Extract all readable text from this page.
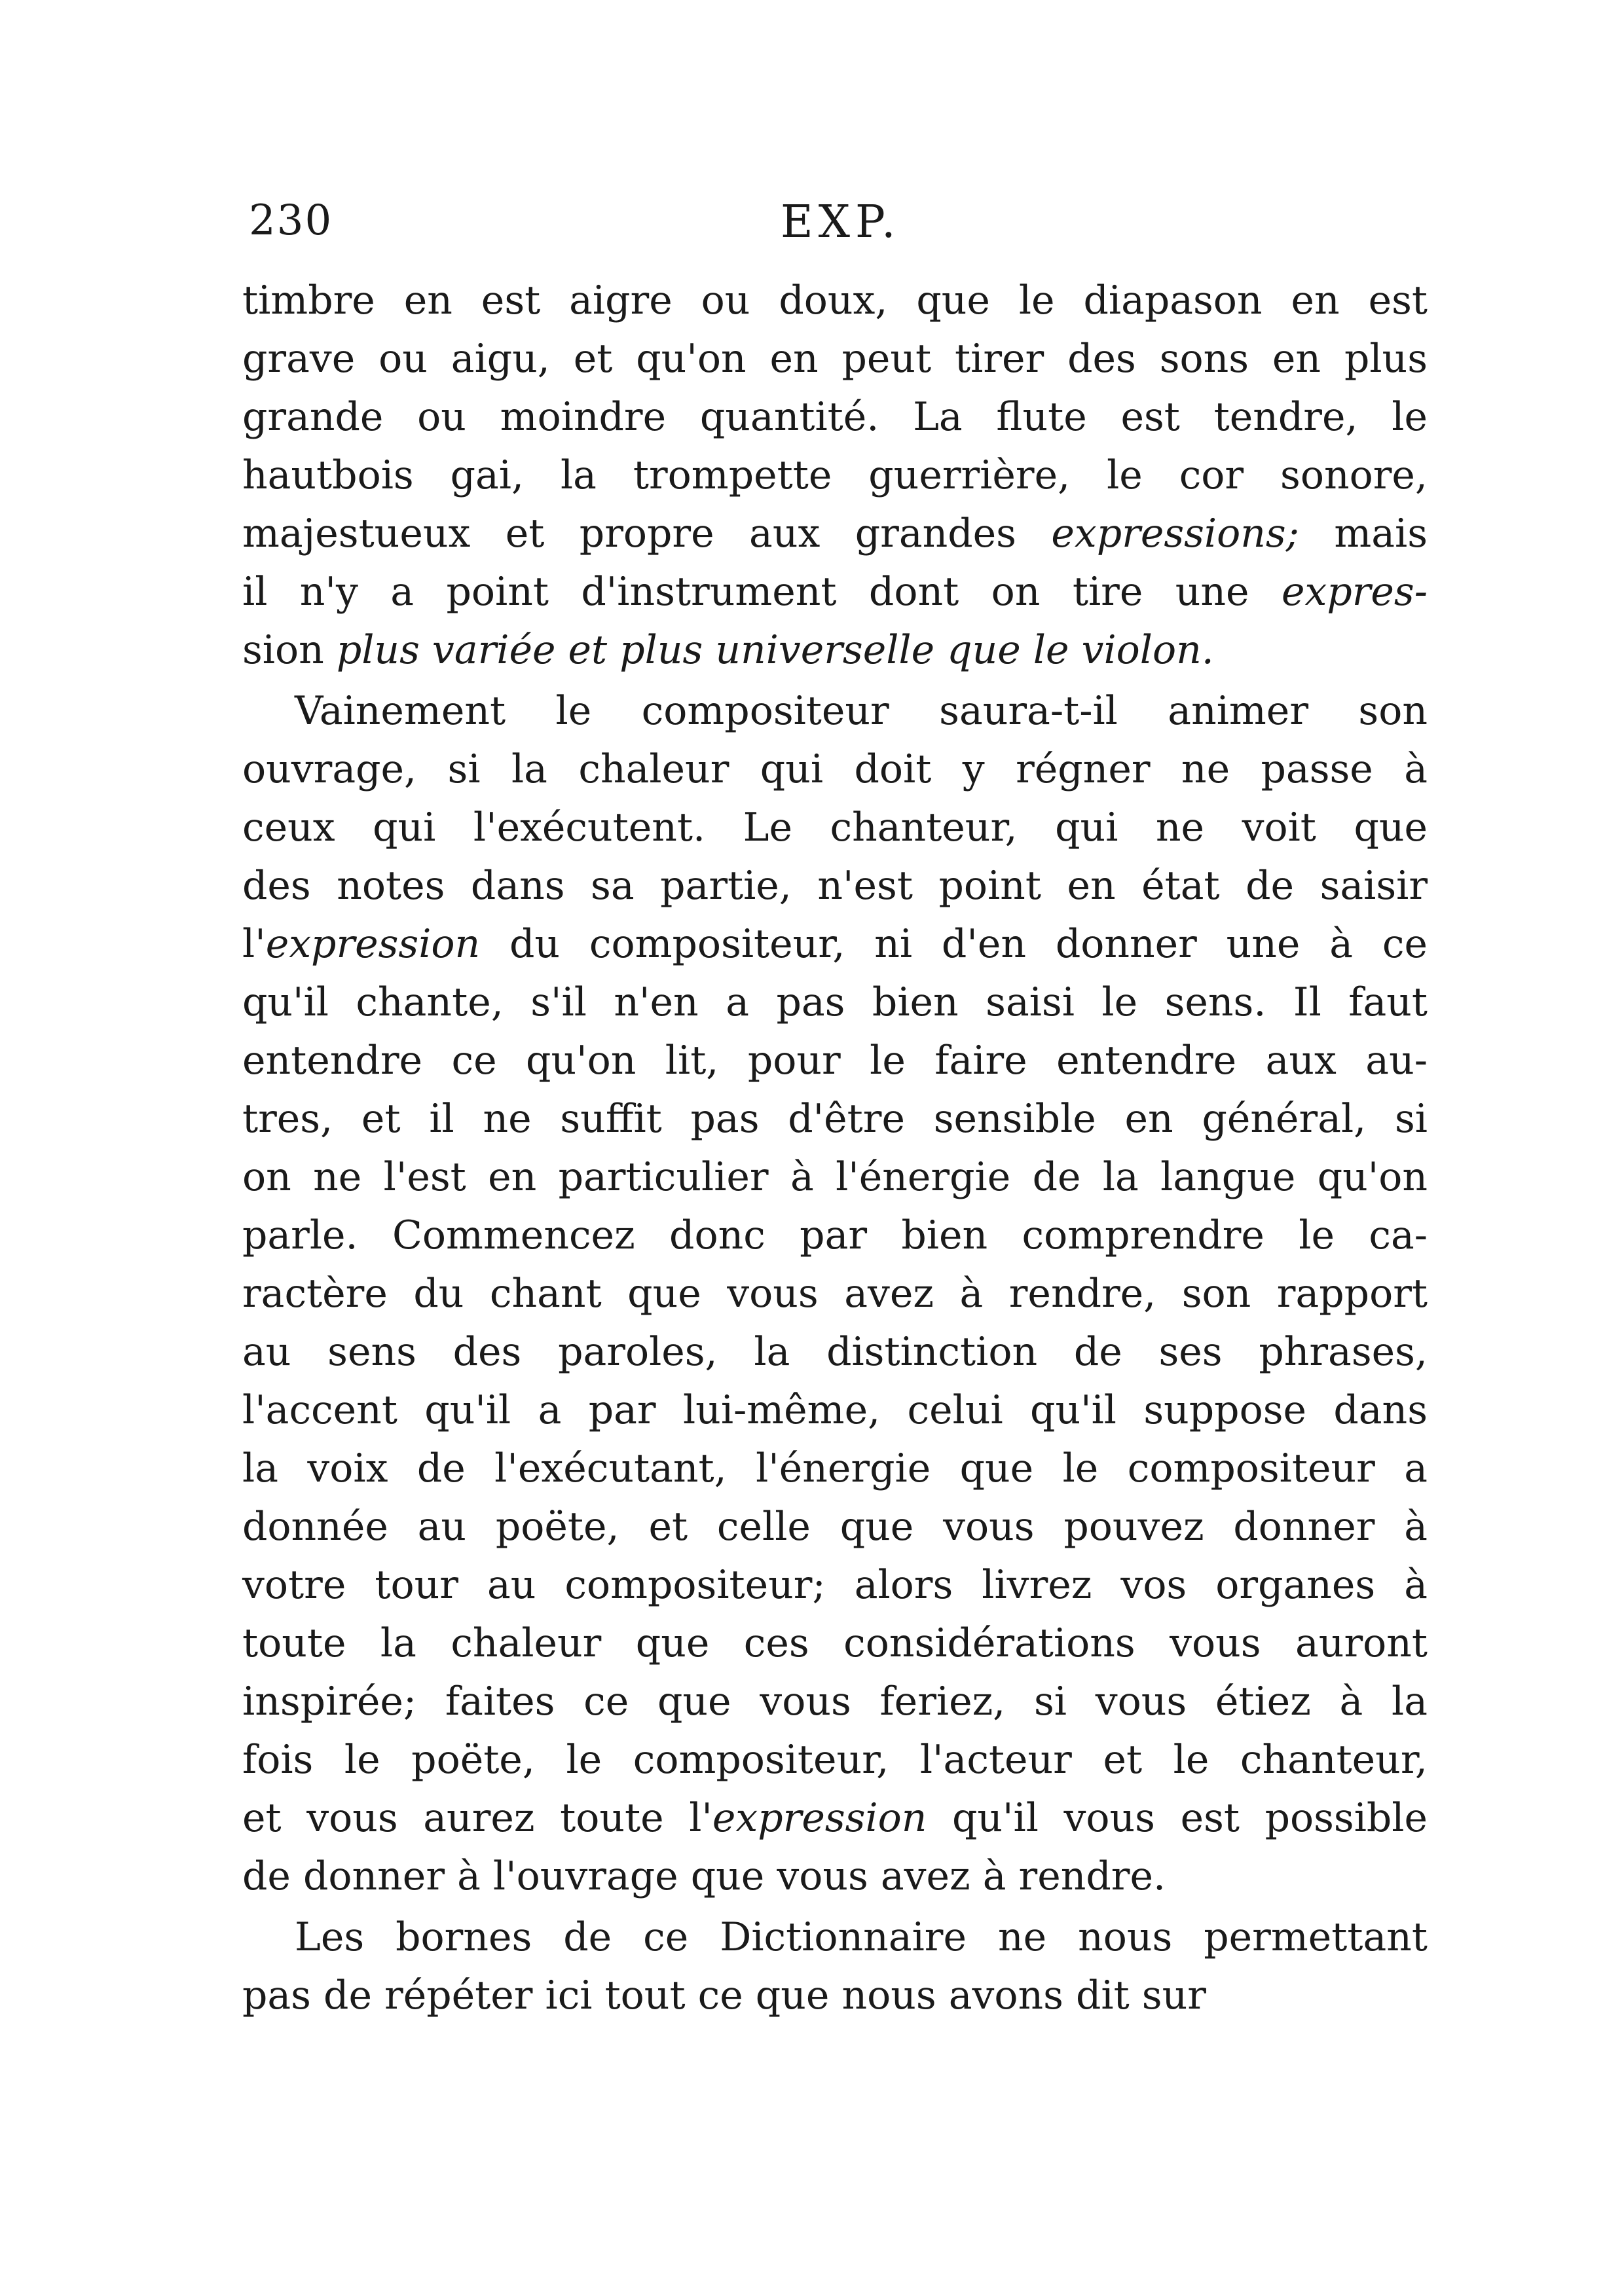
230	EXP.
timbre en est aigre ou doux, que le diapason en est
grave ou aigu, et qu'on en peut tirer des sons en plus
grande ou moindre quantité. La flute est tendre, le
hautbois gai, la trompette guerrière, le cor sonore,
majestueux et propre aux grandes expressions; mais
il n'y a point d'instrument dont on tire une expres-
sion plus variée et plus universelle que le violon.
Vainement le compositeur saura-t-il animer son
ouvrage, si la chaleur qui doit y régner ne passe à
ceux qui l'exécutent. Le chanteur, qui ne voit que
des notes dans sa partie, n'est point en état de saisir
l'expression du compositeur, ni d'en donner une à ce
qu'il chante, s'il n'en a pas bien saisi le sens. Il faut
entendre ce qu'on lit, pour le faire entendre aux au-
tres, et il ne suffit pas d'être sensible en général, si
on ne l'est en particulier à l'énergie de la langue qu'on
parle. Commencez donc par bien comprendre le ca-
ractère du chant que vous avez à rendre, son rapport
au sens des paroles, la distinction de ses phrases,
l'accent qu'il a par lui-même, celui qu'il suppose dans
la voix de l'exécutant, l'énergie que le compositeur a
donnée au poëte, et celle que vous pouvez donner à
votre tour au compositeur; alors livrez vos organes à
toute la chaleur que ces considérations vous auront
inspirée; faites ce que vous feriez, si vous étiez à la
fois le poëte, le compositeur, l'acteur et le chanteur,
et vous aurez toute l'expression qu'il vous est possible
de donner à l'ouvrage que vous avez à rendre.
Les bornes de ce Dictionnaire ne nous permettant
pas de répéter ici tout ce que nous avons dit sur
